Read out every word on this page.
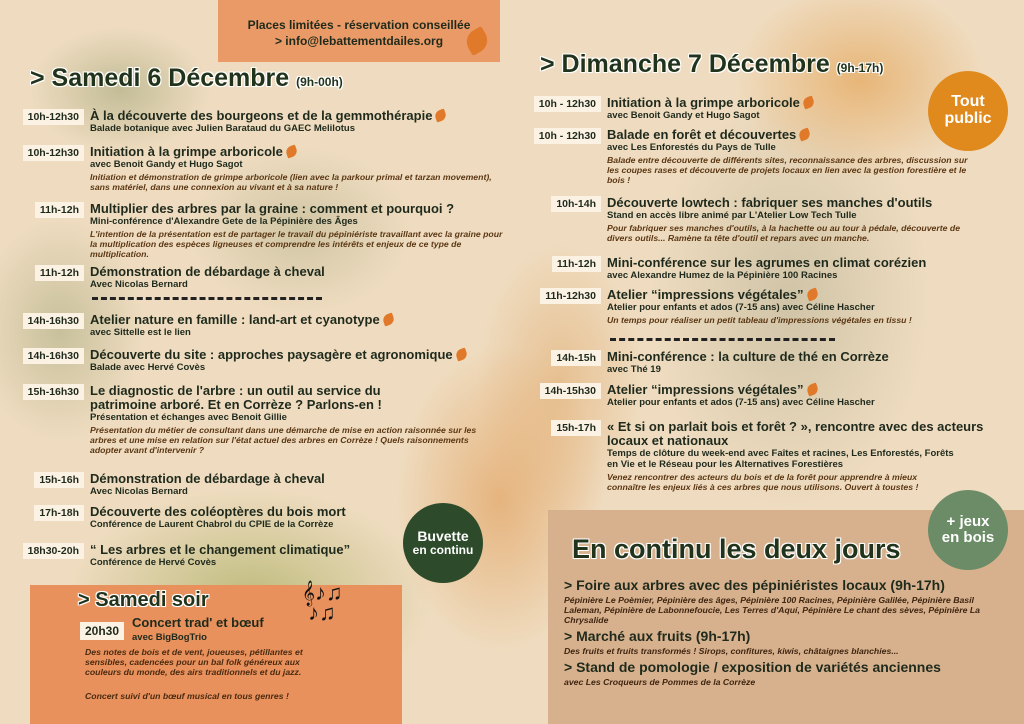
Places limitées - réservation conseillée
> info@lebattementdailes.org
> Samedi 6 Décembre (9h-00h)
10h-12h30 À la découverte des bourgeons et de la gemmothérapie
Balade botanique avec Julien Barataud du GAEC Melilotus
10h-12h30 Initiation à la grimpe arboricole
avec Benoit Gandy et Hugo Sagot
Initiation et démonstration de grimpe arboricole (lien avec la parkour primal et tarzan movement), sans matériel, dans une connexion au vivant et à sa nature !
11h-12h Multiplier des arbres par la graine : comment et pourquoi ?
Mini-conférence d'Alexandre Gete de la Pépinière des Âges
L'intention de la présentation est de partager le travail du pépiniériste travaillant avec la graine pour la multiplication des espèces ligneuses et comprendre les intérêts et enjeux de ce type de multiplication.
11h-12h Démonstration de débardage à cheval
Avec Nicolas Bernard
14h-16h30 Atelier nature en famille : land-art et cyanotype
avec Sittelle est le lien
14h-16h30 Découverte du site : approches paysagère et agronomique
Balade avec Hervé Covès
15h-16h30 Le diagnostic de l'arbre : un outil au service du patrimoine arboré. Et en Corrèze ? Parlons-en !
Présentation et échanges avec Benoit Gillie
Présentation du métier de consultant dans une démarche de mise en action raisonnée sur les arbres et une mise en relation sur l'état actuel des arbres en Corrèze ! Quels raisonnements adopter avant d'intervenir ?
15h-16h Démonstration de débardage à cheval
Avec Nicolas Bernard
17h-18h Découverte des coléoptères du bois mort
Conférence de Laurent Chabrol du CPIE de la Corrèze
18h30-20h “ Les arbres et le changement climatique”
Conférence de Hervé Covès
Buvette
en continu
> Samedi soir	𝄞♪♫
♪♫
20h30
Concert trad' et bœuf
avec BigBogTrio
Des notes de bois et de vent, joueuses, pétillantes et sensibles, cadencées pour un bal folk généreux aux couleurs du monde, des airs traditionnels et du jazz.
Concert suivi d'un bœuf musical en tous genres !
> Dimanche 7 Décembre (9h-17h)
10h - 12h30 Initiation à la grimpe arboricole
avec Benoit Gandy et Hugo Sagot
10h - 12h30 Balade en forêt et découvertes
avec Les Enforestés du Pays de Tulle
Balade entre découverte de différents sites, reconnaissance des arbres, discussion sur les coupes rases et découverte de projets locaux en lien avec la gestion forestière et le bois !
10h-14h Découverte lowtech : fabriquer ses manches d'outils
Stand en accès libre animé par L'Atelier Low Tech Tulle
Pour fabriquer ses manches d'outils, à la hachette ou au tour à pédale, découverte de divers outils... Ramène ta tête d'outil et repars avec un manche.
11h-12h Mini-conférence sur les agrumes en climat corézien
avec Alexandre Humez de la Pépinière 100 Racines
11h-12h30 Atelier “impressions végétales”
Atelier pour enfants et ados (7-15 ans) avec Céline Hascher
Un temps pour réaliser un petit tableau d'impressions végétales en tissu !
14h-15h Mini-conférence : la culture de thé en Corrèze
avec Thé 19
14h-15h30 Atelier “impressions végétales”
Atelier pour enfants et ados (7-15 ans) avec Céline Hascher
15h-17h « Et si on parlait bois et forêt ? », rencontre avec des acteurs locaux et nationaux
Temps de clôture du week-end avec Faîtes et racines, Les Enforestés, Forêts en Vie et le Réseau pour les Alternatives Forestières
Venez rencontrer des acteurs du bois et de la forêt pour apprendre à mieux connaître les enjeux liés à ces arbres que nous utilisons. Ouvert à toustes !
Tout
public
En continu les deux jours
> Foire aux arbres avec des pépiniéristes locaux (9h-17h)
Pépinière Le Poèmier, Pépinière des âges, Pépinière 100 Racines, Pépinière Galilée, Pépinière Basil Laleman, Pépinière de Labonnefoucie, Les Terres d'Aquí, Pépinière Le chant des sèves, Pépinière La Chrysalide
> Marché aux fruits (9h-17h)
Des fruits et fruits transformés ! Sirops, confitures, kiwis, châtaignes blanchies...
> Stand de pomologie / exposition de variétés anciennes
avec Les Croqueurs de Pommes de la Corrèze
+ jeux
en bois
